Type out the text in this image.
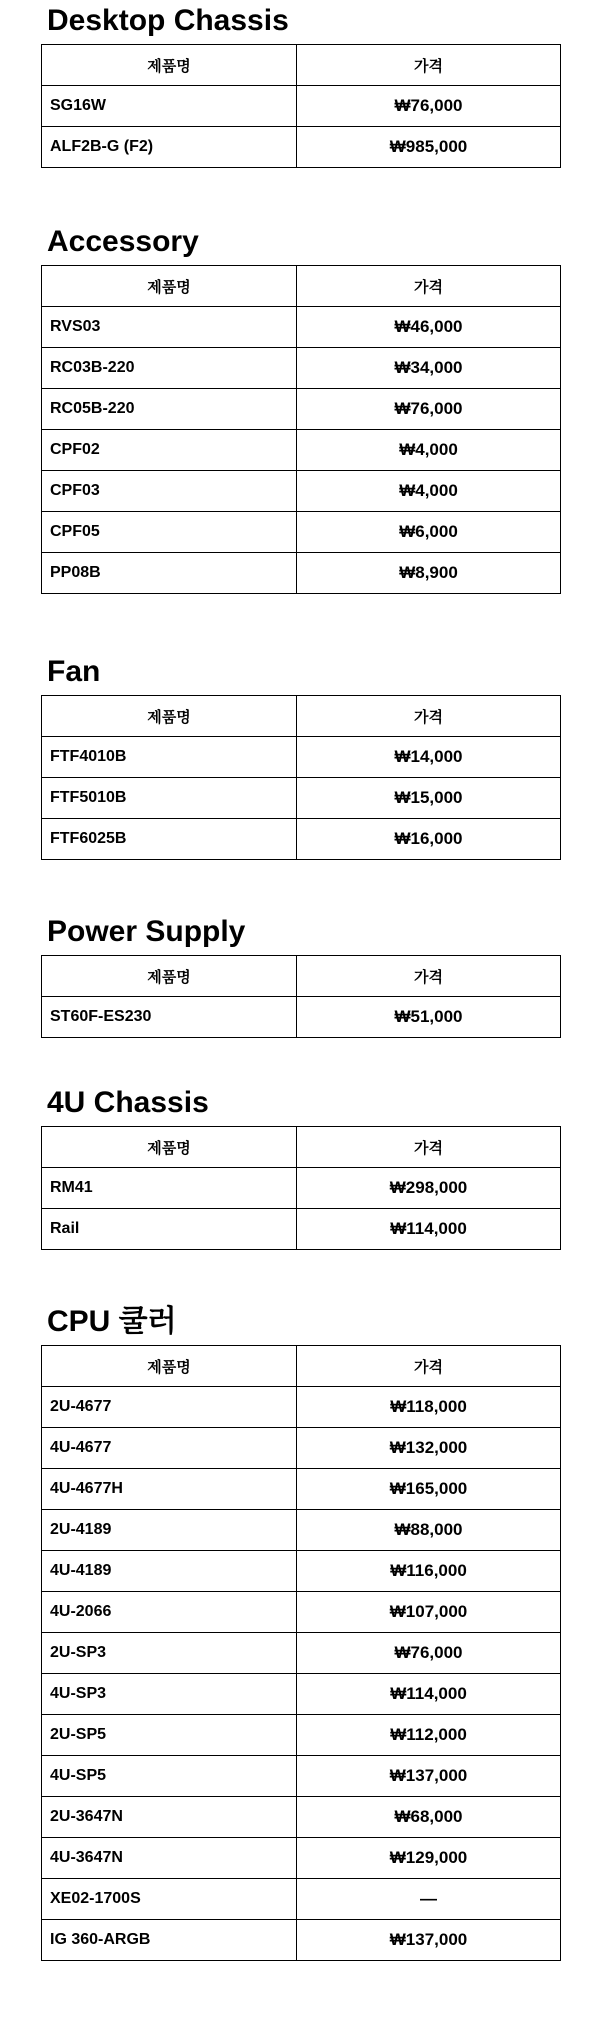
Desktop Chassis
제품명	가격
SG16W	₩76,000
ALF2B-G (F2)	₩985,000
Accessory
제품명	가격
RVS03	₩46,000
RC03B-220	₩34,000
RC05B-220	₩76,000
CPF02	₩4,000
CPF03	₩4,000
CPF05	₩6,000
PP08B	₩8,900
Fan
제품명	가격
FTF4010B	₩14,000
FTF5010B	₩15,000
FTF6025B	₩16,000
Power Supply
제품명	가격
ST60F-ES230	₩51,000
4U Chassis
제품명	가격
RM41	₩298,000
Rail	₩114,000
CPU 쿨러
제품명	가격
2U-4677	₩118,000
4U-4677	₩132,000
4U-4677H	₩165,000
2U-4189	₩88,000
4U-4189	₩116,000
4U-2066	₩107,000
2U-SP3	₩76,000
4U-SP3	₩114,000
2U-SP5	₩112,000
4U-SP5	₩137,000
2U-3647N	₩68,000
4U-3647N	₩129,000
XE02-1700S	—
IG 360-ARGB	₩137,000
